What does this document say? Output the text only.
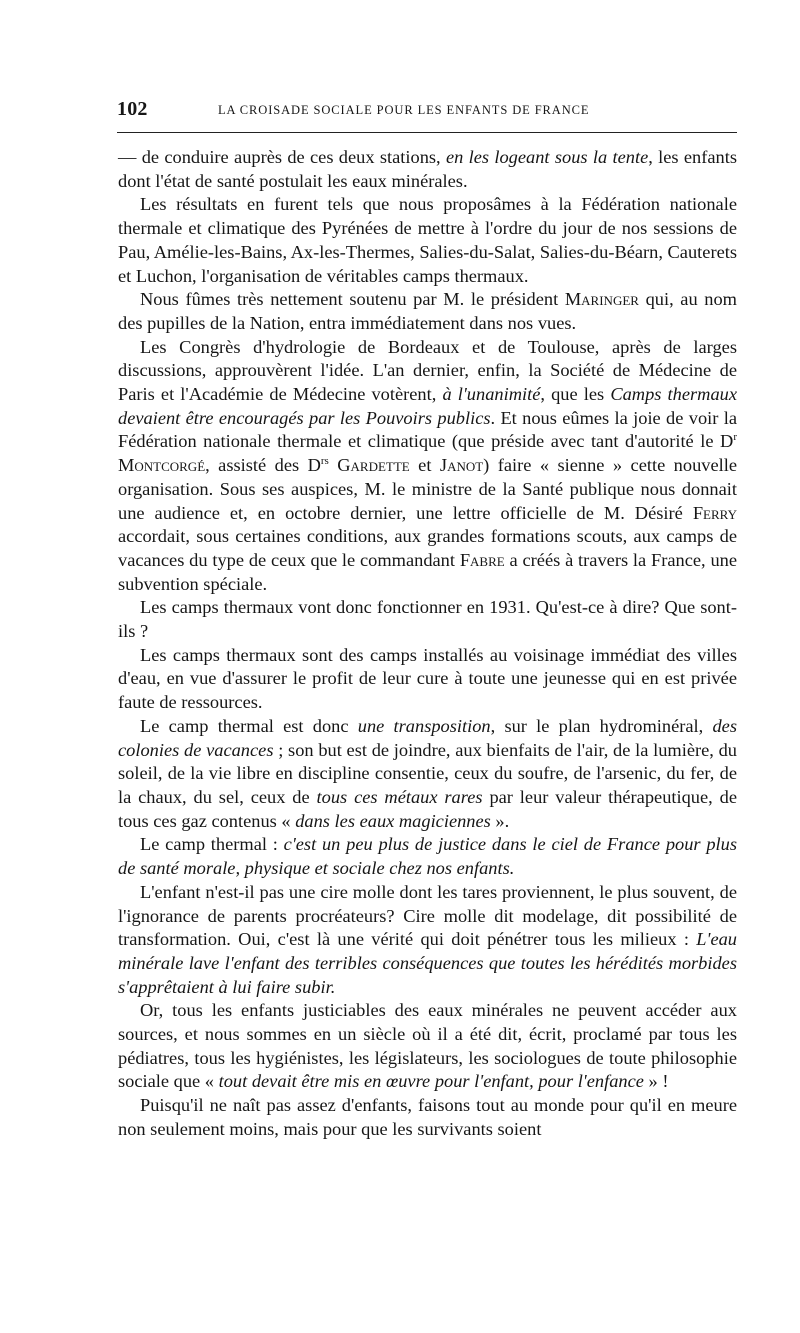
102	LA CROISADE SOCIALE POUR LES ENFANTS DE FRANCE

— de conduire auprès de ces deux stations, en les logeant sous la tente, les enfants dont l'état de santé postulait les eaux minérales.

Les résultats en furent tels que nous proposâmes à la Fédération nationale thermale et climatique des Pyrénées de mettre à l'ordre du jour de nos sessions de Pau, Amélie-les-Bains, Ax-les-Thermes, Salies-du-Salat, Salies-du-Béarn, Cauterets et Luchon, l'organisation de véritables camps thermaux.

Nous fûmes très nettement soutenu par M. le président Maringer qui, au nom des pupilles de la Nation, entra immédiatement dans nos vues.

Les Congrès d'hydrologie de Bordeaux et de Toulouse, après de larges discussions, approuvèrent l'idée. L'an dernier, enfin, la Société de Médecine de Paris et l'Académie de Médecine votèrent, à l'unanimité, que les Camps thermaux devaient être encouragés par les Pouvoirs publics. Et nous eûmes la joie de voir la Fédération nationale thermale et climatique (que préside avec tant d'autorité le $D^r$ Montcorgé, assisté des $D^{rs}$ Gardette et Janot) faire « sienne » cette nouvelle organisation. Sous ses auspices, M. le ministre de la Santé publique nous donnait une audience et, en octobre dernier, une lettre officielle de M. Désiré Ferry accordait, sous certaines conditions, aux grandes formations scouts, aux camps de vacances du type de ceux que le commandant Fabre a créés à travers la France, une subvention spéciale.

Les camps thermaux vont donc fonctionner en 1931. Qu'est-ce à dire? Que sont-ils ?

Les camps thermaux sont des camps installés au voisinage immédiat des villes d'eau, en vue d'assurer le profit de leur cure à toute une jeunesse qui en est privée faute de ressources.

Le camp thermal est donc une transposition, sur le plan hydrominéral, des colonies de vacances ; son but est de joindre, aux bienfaits de l'air, de la lumière, du soleil, de la vie libre en discipline consentie, ceux du soufre, de l'arsenic, du fer, de la chaux, du sel, ceux de tous ces métaux rares par leur valeur thérapeutique, de tous ces gaz contenus « dans les eaux magiciennes ».

Le camp thermal : c'est un peu plus de justice dans le ciel de France pour plus de santé morale, physique et sociale chez nos enfants.

L'enfant n'est-il pas une cire molle dont les tares proviennent, le plus souvent, de l'ignorance de parents procréateurs? Cire molle dit modelage, dit possibilité de transformation. Oui, c'est là une vérité qui doit pénétrer tous les milieux : L'eau minérale lave l'enfant des terribles conséquences que toutes les hérédités morbides s'apprêtaient à lui faire subir.

Or, tous les enfants justiciables des eaux minérales ne peuvent accéder aux sources, et nous sommes en un siècle où il a été dit, écrit, proclamé par tous les pédiatres, tous les hygiénistes, les législateurs, les sociologues de toute philosophie sociale que « tout devait être mis en œuvre pour l'enfant, pour l'enfance » !

Puisqu'il ne naît pas assez d'enfants, faisons tout au monde pour qu'il en meure non seulement moins, mais pour que les survivants soient
